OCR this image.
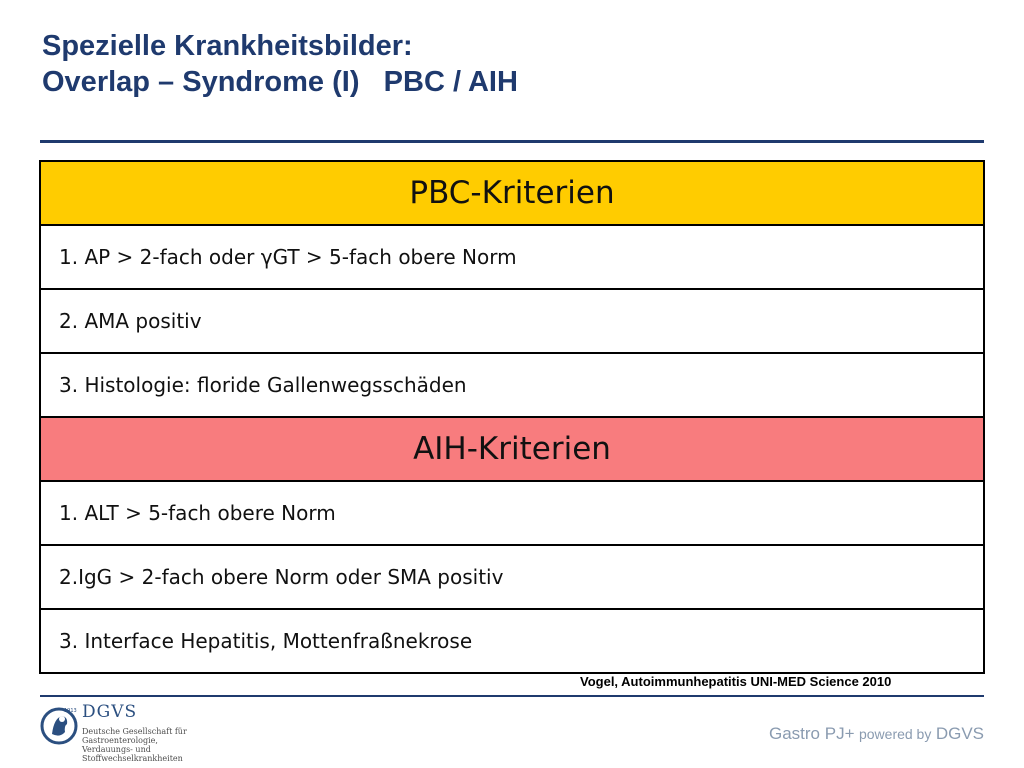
Spezielle Krankheitsbilder:
Overlap – Syndrome (I)   PBC / AIH
PBC-Kriterien
1. AP > 2-fach oder γGT > 5-fach obere Norm
2. AMA positiv
3. Histologie: floride Gallenwegsschäden
AIH-Kriterien
1. ALT > 5-fach obere Norm
2.IgG > 2-fach obere Norm oder SMA positiv
3. Interface Hepatitis, Mottenfraßnekrose
Vogel, Autoimmunhepatitis UNI-MED Science 2010
1913 DGVS
Deutsche Gesellschaft für
Gastroenterologie,
Verdauungs- und
Stoffwechselkrankheiten
Gastro PJ+ powered by DGVS
